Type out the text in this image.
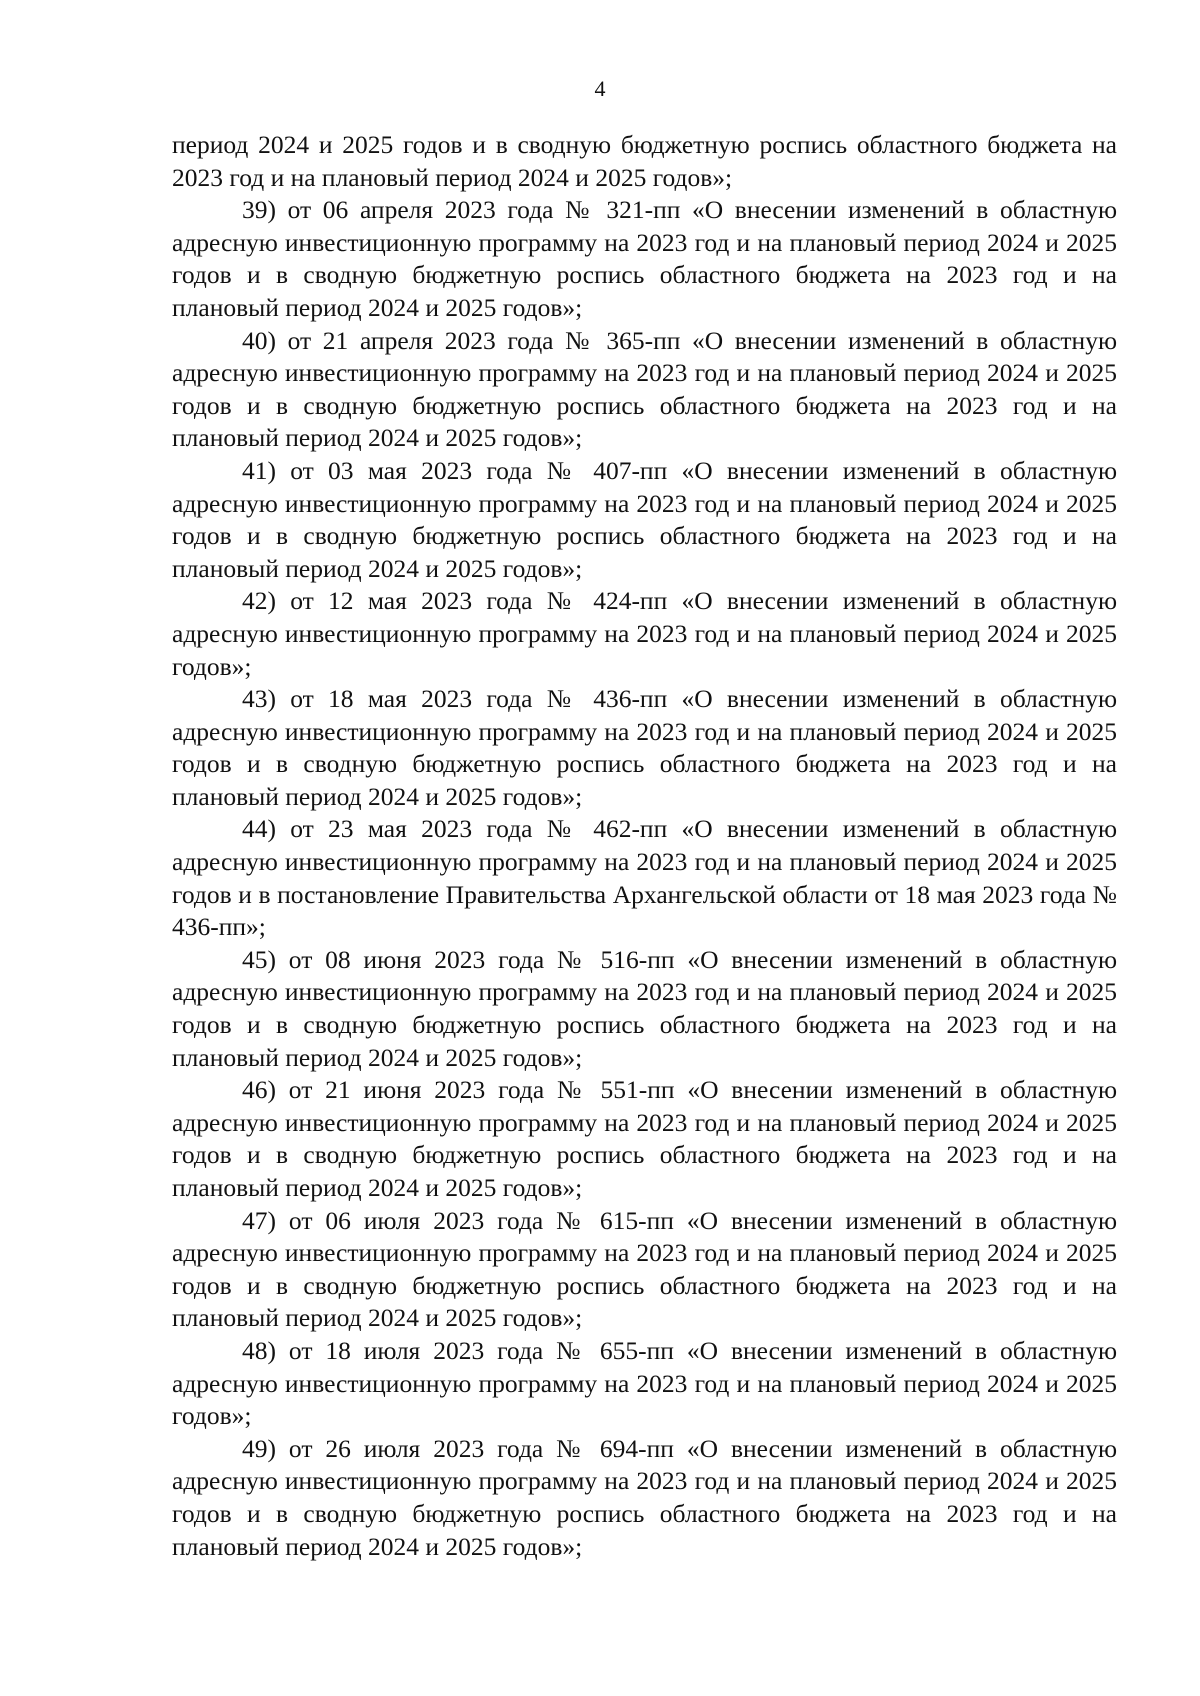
4

период 2024 и 2025 годов и в сводную бюджетную роспись областного бюджета на 2023 год и на плановый период 2024 и 2025 годов»;

39) от 06 апреля 2023 года № 321-пп «О внесении изменений в областную адресную инвестиционную программу на 2023 год и на плановый период 2024 и 2025 годов и в сводную бюджетную роспись областного бюджета на 2023 год и на плановый период 2024 и 2025 годов»;

40) от 21 апреля 2023 года № 365-пп «О внесении изменений в областную адресную инвестиционную программу на 2023 год и на плановый период 2024 и 2025 годов и в сводную бюджетную роспись областного бюджета на 2023 год и на плановый период 2024 и 2025 годов»;

41) от 03 мая 2023 года № 407-пп «О внесении изменений в областную адресную инвестиционную программу на 2023 год и на плановый период 2024 и 2025 годов и в сводную бюджетную роспись областного бюджета на 2023 год и на плановый период 2024 и 2025 годов»;

42) от 12 мая 2023 года № 424-пп «О внесении изменений в областную адресную инвестиционную программу на 2023 год и на плановый период 2024 и 2025 годов»;

43) от 18 мая 2023 года № 436-пп «О внесении изменений в областную адресную инвестиционную программу на 2023 год и на плановый период 2024 и 2025 годов и в сводную бюджетную роспись областного бюджета на 2023 год и на плановый период 2024 и 2025 годов»;

44) от 23 мая 2023 года № 462-пп «О внесении изменений в областную адресную инвестиционную программу на 2023 год и на плановый период 2024 и 2025 годов и в постановление Правительства Архангельской области от 18 мая 2023 года № 436-пп»;

45) от 08 июня 2023 года № 516-пп «О внесении изменений в областную адресную инвестиционную программу на 2023 год и на плановый период 2024 и 2025 годов и в сводную бюджетную роспись областного бюджета на 2023 год и на плановый период 2024 и 2025 годов»;

46) от 21 июня 2023 года № 551-пп «О внесении изменений в областную адресную инвестиционную программу на 2023 год и на плановый период 2024 и 2025 годов и в сводную бюджетную роспись областного бюджета на 2023 год и на плановый период 2024 и 2025 годов»;

47) от 06 июля 2023 года № 615-пп «О внесении изменений в областную адресную инвестиционную программу на 2023 год и на плановый период 2024 и 2025 годов и в сводную бюджетную роспись областного бюджета на 2023 год и на плановый период 2024 и 2025 годов»;

48) от 18 июля 2023 года № 655-пп «О внесении изменений в областную адресную инвестиционную программу на 2023 год и на плановый период 2024 и 2025 годов»;

49) от 26 июля 2023 года № 694-пп «О внесении изменений в областную адресную инвестиционную программу на 2023 год и на плановый период 2024 и 2025 годов и в сводную бюджетную роспись областного бюджета на 2023 год и на плановый период 2024 и 2025 годов»;
